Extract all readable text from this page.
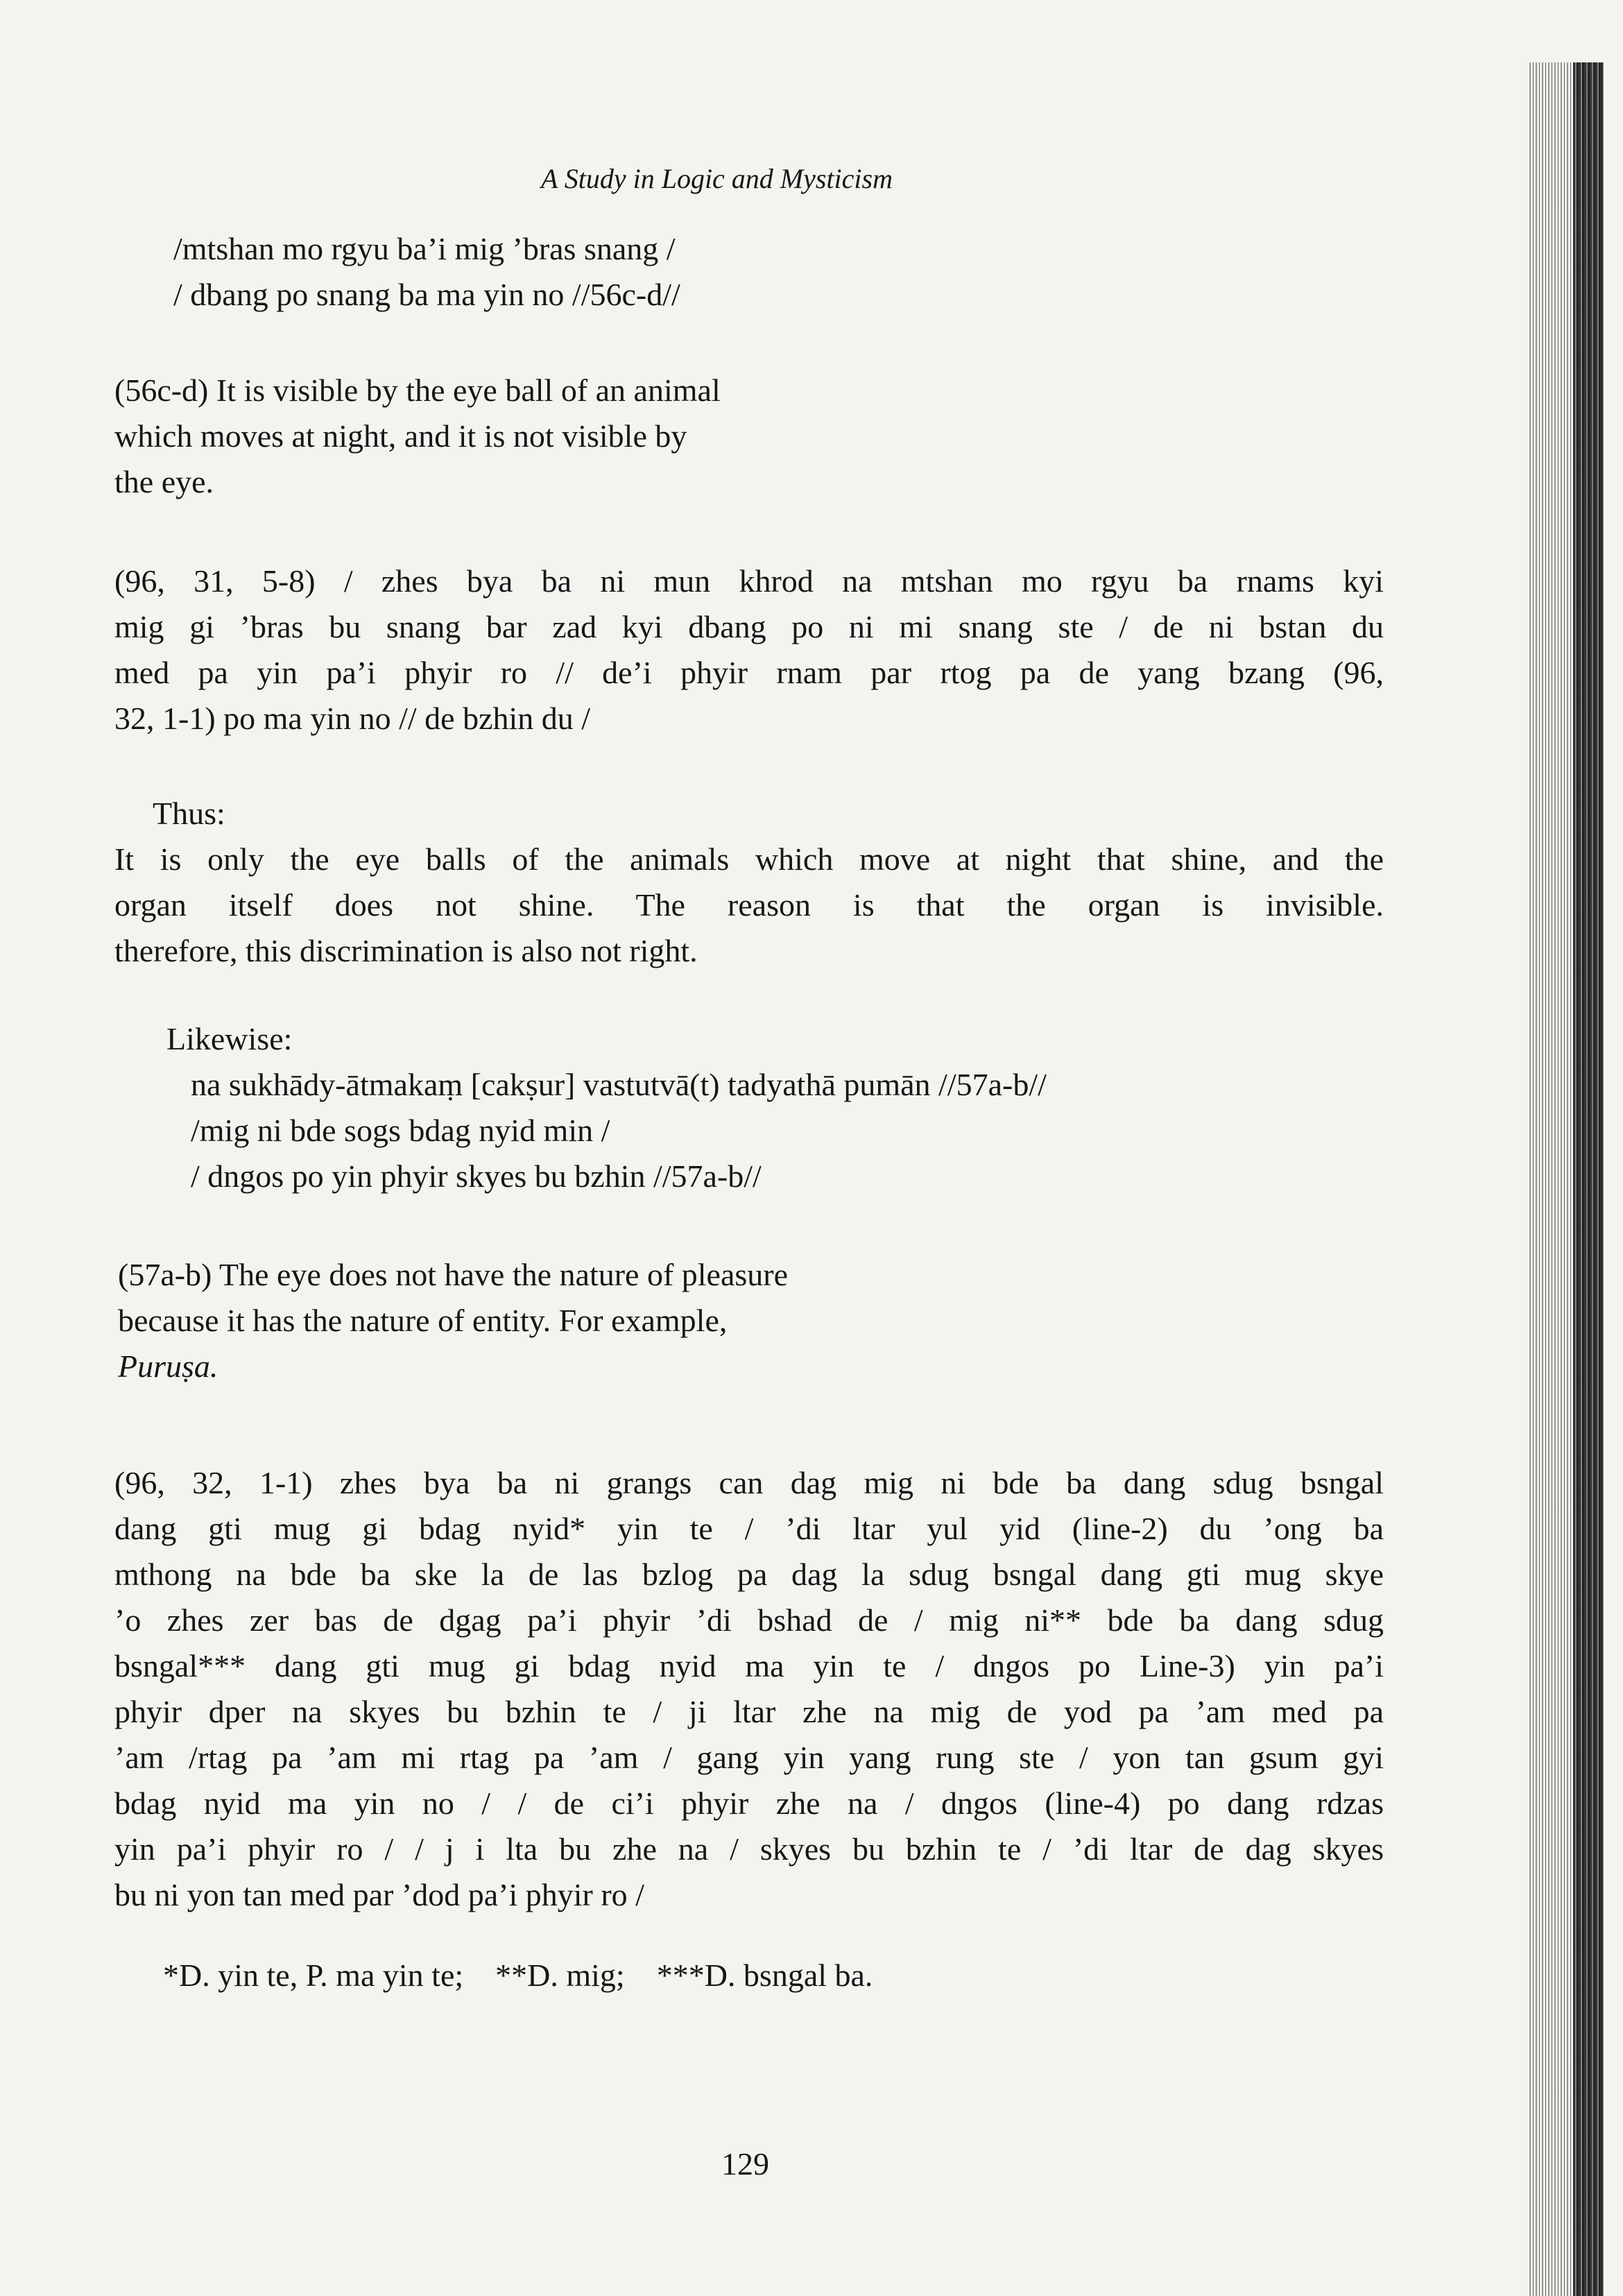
A Study in Logic and Mysticism
/mtshan mo rgyu ba’i mig ’bras snang /
/ dbang po snang ba ma yin no //56c-d//
(56c-d) It is visible by the eye ball of an animal
which moves at night, and it is not visible by
the eye.
(96, 31, 5-8) / zhes bya ba ni mun khrod na mtshan mo rgyu ba rnams kyi
mig gi ’bras bu snang bar zad kyi dbang po ni mi snang ste / de ni bstan du
med pa yin pa’i phyir ro // de’i phyir rnam par rtog pa de yang bzang (96,
32, 1-1) po ma yin no // de bzhin du /
Thus:
It is only the eye balls of the animals which move at night that shine, and the
organ itself does not shine. The reason is that the organ is invisible.
therefore, this discrimination is also not right.
Likewise:
na sukhādy-ātmakaṃ [cakṣur] vastutvā(t) tadyathā pumān //57a-b//
/mig ni bde sogs bdag nyid min /
/ dngos po yin phyir skyes bu bzhin //57a-b//
(57a-b) The eye does not have the nature of pleasure
because it has the nature of entity. For example,
Puruṣa.
(96, 32, 1-1) zhes bya ba ni grangs can dag mig ni bde ba dang sdug bsngal
dang gti mug gi bdag nyid* yin te / ’di ltar yul yid (line-2) du ’ong ba
mthong na bde ba ske la de las bzlog pa dag la sdug bsngal dang gti mug skye
’o zhes zer bas de dgag pa’i phyir ’di bshad de / mig ni** bde ba dang sdug
bsngal*** dang gti mug gi bdag nyid ma yin te / dngos po Line-3) yin pa’i
phyir dper na skyes bu bzhin te / ji ltar zhe na mig de yod pa ’am med pa
’am /rtag pa ’am mi rtag pa ’am / gang yin yang rung ste / yon tan gsum gyi
bdag nyid ma yin no / / de ci’i phyir zhe na / dngos (line-4) po dang rdzas
yin pa’i phyir ro / / j i lta bu zhe na / skyes bu bzhin te / ’di ltar de dag skyes
bu ni yon tan med par ’dod pa’i phyir ro /
*D. yin te, P. ma yin te;    **D. mig;    ***D. bsngal ba.
129
